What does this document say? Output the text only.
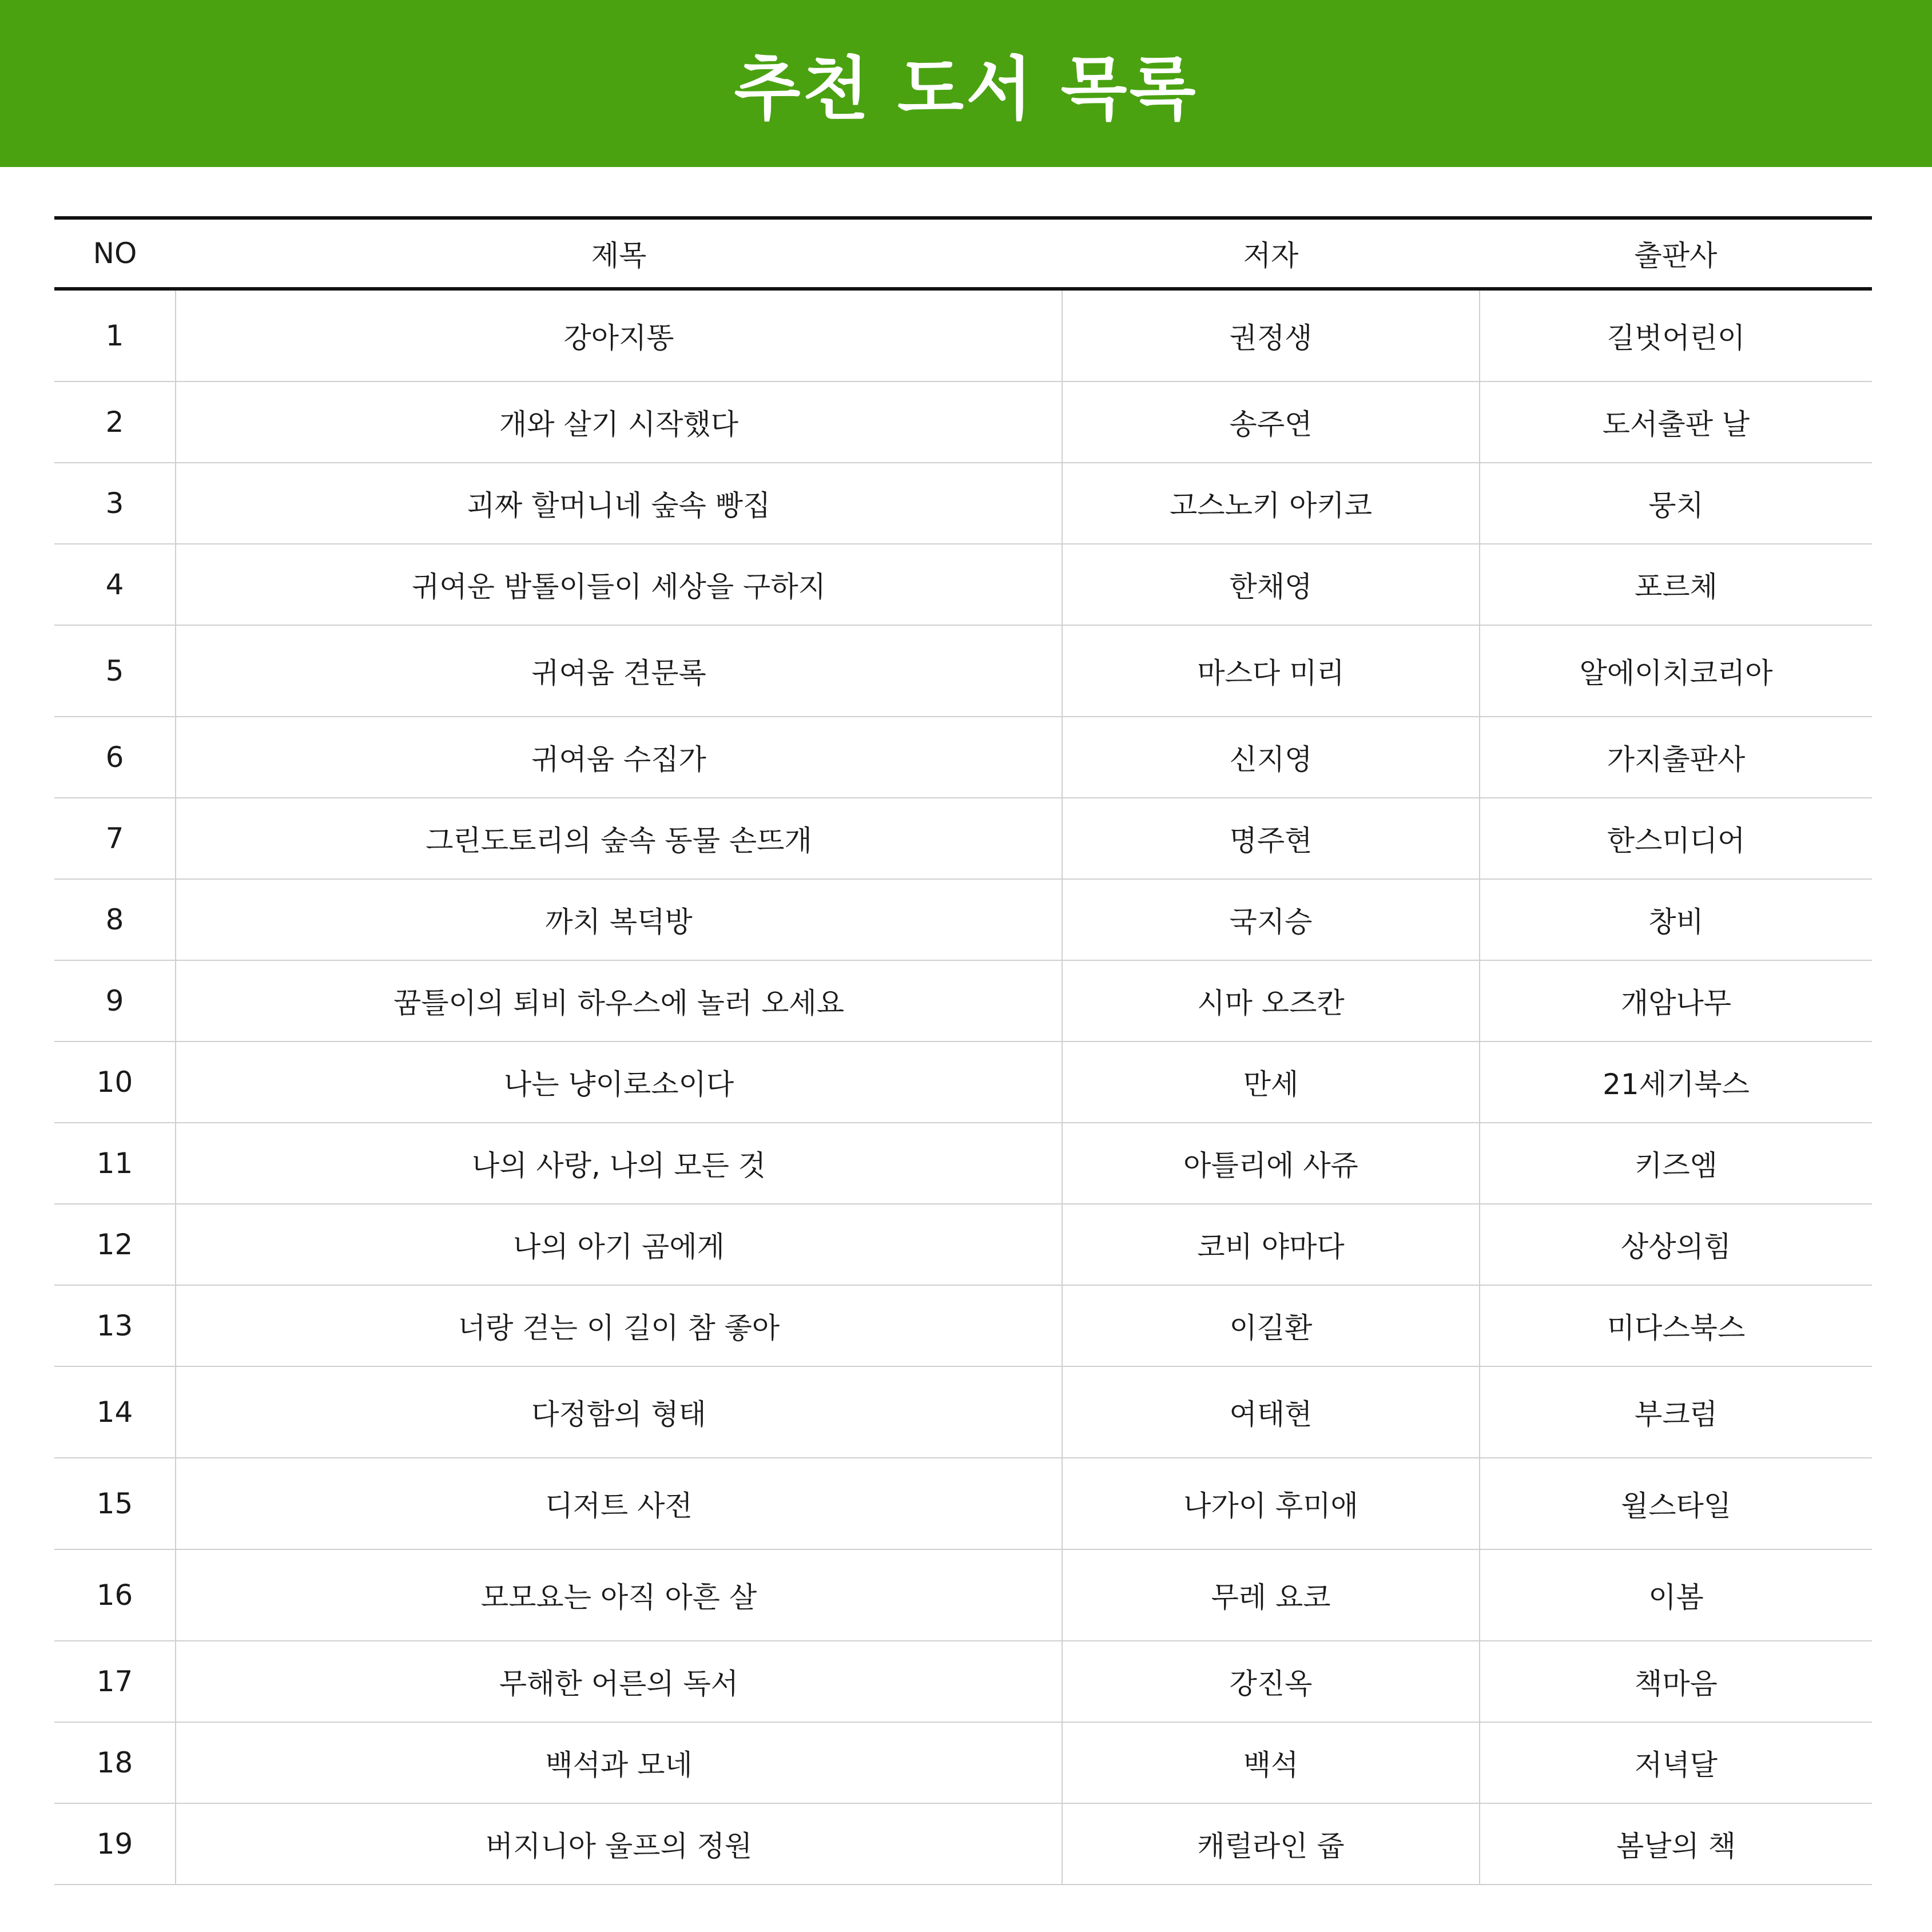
추천 도서 목록
NO	제목	저자	출판사
1	강아지똥	권정생	길벗어린이
2	개와 살기 시작했다	송주연	도서출판 날
3	괴짜 할머니네 숲속 빵집	고스노키 아키코	뭉치
4	귀여운 밤톨이들이 세상을 구하지	한채영	포르체
5	귀여움 견문록	마스다 미리	알에이치코리아
6	귀여움 수집가	신지영	가지출판사
7	그린도토리의 숲속 동물 손뜨개	명주현	한스미디어
8	까치 복덕방	국지승	창비
9	꿈틀이의 퇴비 하우스에 놀러 오세요	시마 오즈칸	개암나무
10	나는 냥이로소이다	만세	21세기북스
11	나의 사랑, 나의 모든 것	아틀리에 사쥬	키즈엠
12	나의 아기 곰에게	코비 야마다	상상의힘
13	너랑 걷는 이 길이 참 좋아	이길환	미다스북스
14	다정함의 형태	여태현	부크럼
15	디저트 사전	나가이 후미애	윌스타일
16	모모요는 아직 아흔 살	무레 요코	이봄
17	무해한 어른의 독서	강진옥	책마음
18	백석과 모네	백석	저녁달
19	버지니아 울프의 정원	캐럴라인 줍	봄날의 책
